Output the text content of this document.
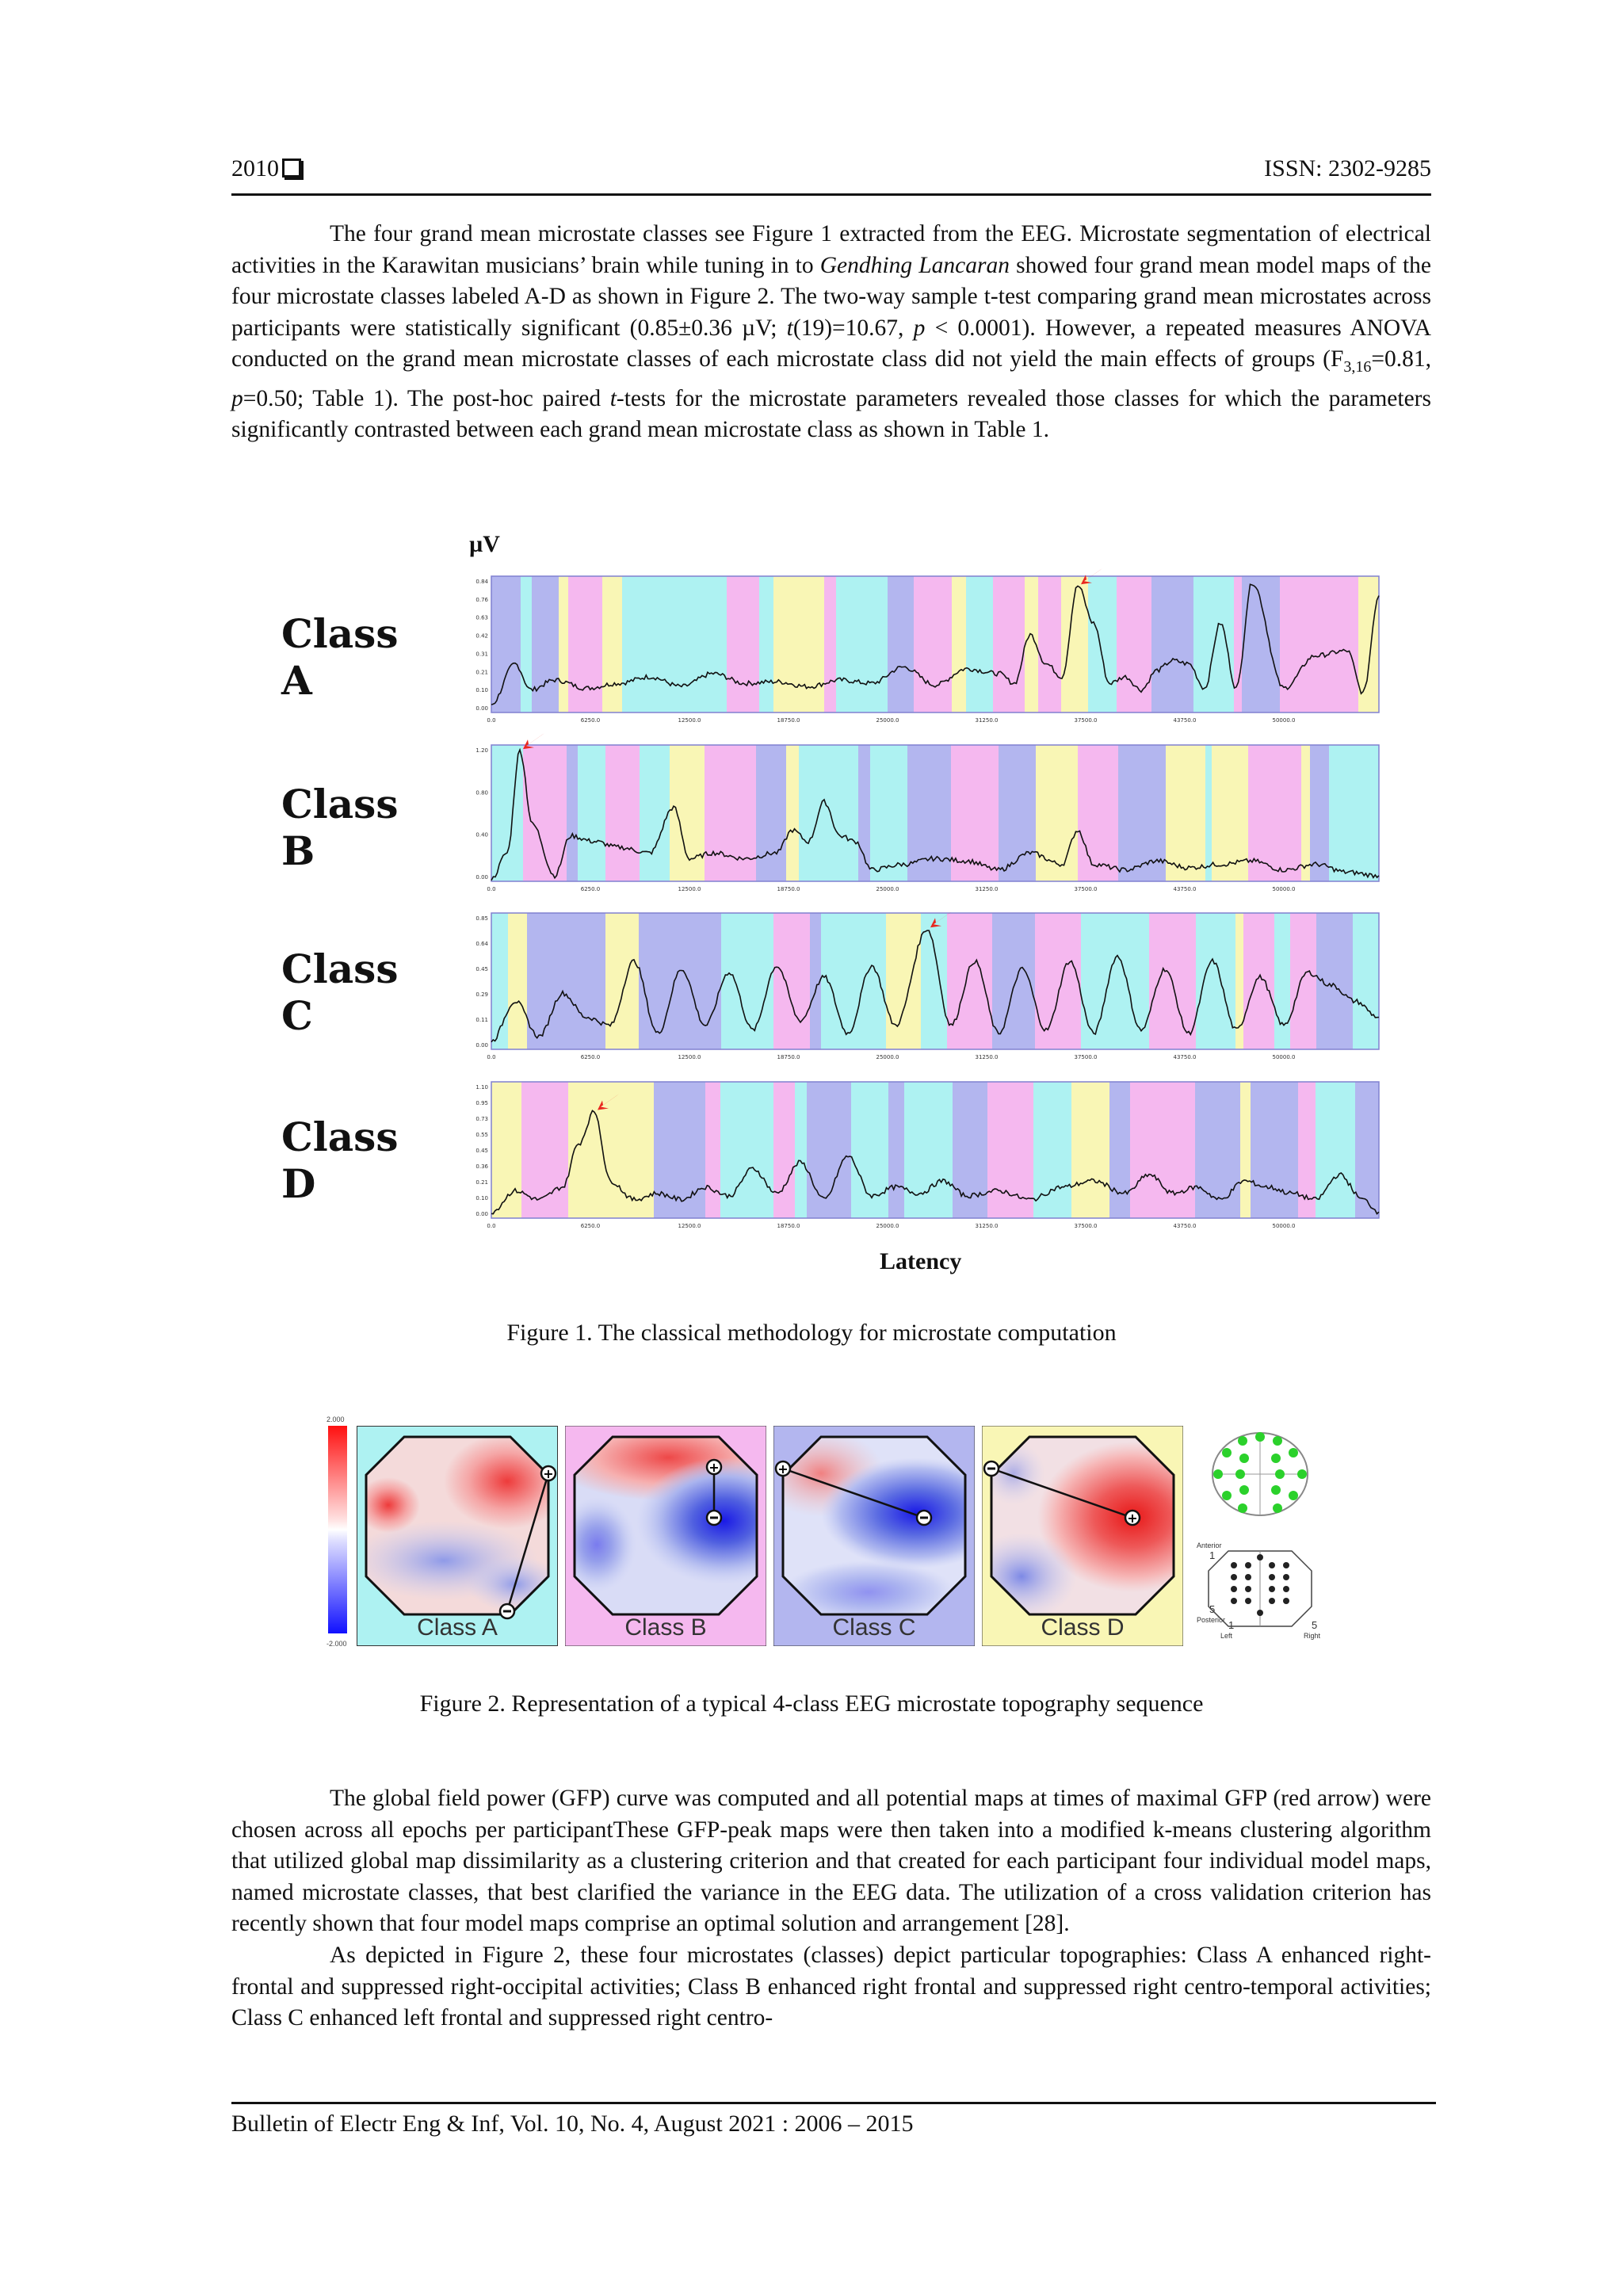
2010	ISSN: 2302-9285

The four grand mean microstate classes see Figure 1 extracted from the EEG. Microstate segmentation of electrical activities in the Karawitan musicians’ brain while tuning in to Gendhing Lancaran showed four grand mean model maps of the four microstate classes labeled A-D as shown in Figure 2. The two-way sample t-test comparing grand mean microstates across participants were statistically significant (0.85±0.36 µV; t(19)=10.67, p < 0.0001). However, a repeated measures ANOVA conducted on the grand mean microstate classes of each microstate class did not yield the main effects of groups ($F_{3,16}=0.81$, p=0.50; Table 1). The post-hoc paired t-tests for the microstate parameters revealed those classes for which the parameters significantly contrasted between each grand mean microstate class as shown in Table 1.

µV
Class A
Class B
Class C
Class D
0.84
0.76
0.63
0.42
0.31
0.21
0.10
0.00
0.0	6250.0	12500.0	18750.0	25000.0	31250.0	37500.0	43750.0	50000.0
1.20
0.80
0.40
0.00
0.0	6250.0	12500.0	18750.0	25000.0	31250.0	37500.0	43750.0	50000.0
0.85
0.64
0.45
0.29
0.11
0.00
0.0	6250.0	12500.0	18750.0	25000.0	31250.0	37500.0	43750.0	50000.0
1.10
0.95
0.73
0.55
0.45
0.36
0.21
0.10
0.00
0.0	6250.0	12500.0	18750.0	25000.0	31250.0	37500.0	43750.0	50000.0
Latency
Figure 1. The classical methodology for microstate computation
2.000
-2.000
+
Class A
+
Class B
+
Class C
+
Class D
Anterior
Posterior
Left	Right
1
5
1	5
Figure 2. Representation of a typical 4-class EEG microstate topography sequence

The global field power (GFP) curve was computed and all potential maps at times of maximal GFP (red arrow) were chosen across all epochs per participantThese GFP-peak maps were then taken into a modified k-means clustering algorithm that utilized global map dissimilarity as a clustering criterion and that created for each participant four individual model maps, named microstate classes, that best clarified the variance in the EEG data. The utilization of a cross validation criterion has recently shown that four model maps comprise an optimal solution and arrangement [28].

As depicted in Figure 2, these four microstates (classes) depict particular topographies: Class A enhanced right-frontal and suppressed right-occipital activities; Class B enhanced right frontal and suppressed right centro-temporal activities; Class C enhanced left frontal and suppressed right centro-

Bulletin of Electr Eng & Inf, Vol. 10, No. 4, August 2021 : 2006 – 2015
